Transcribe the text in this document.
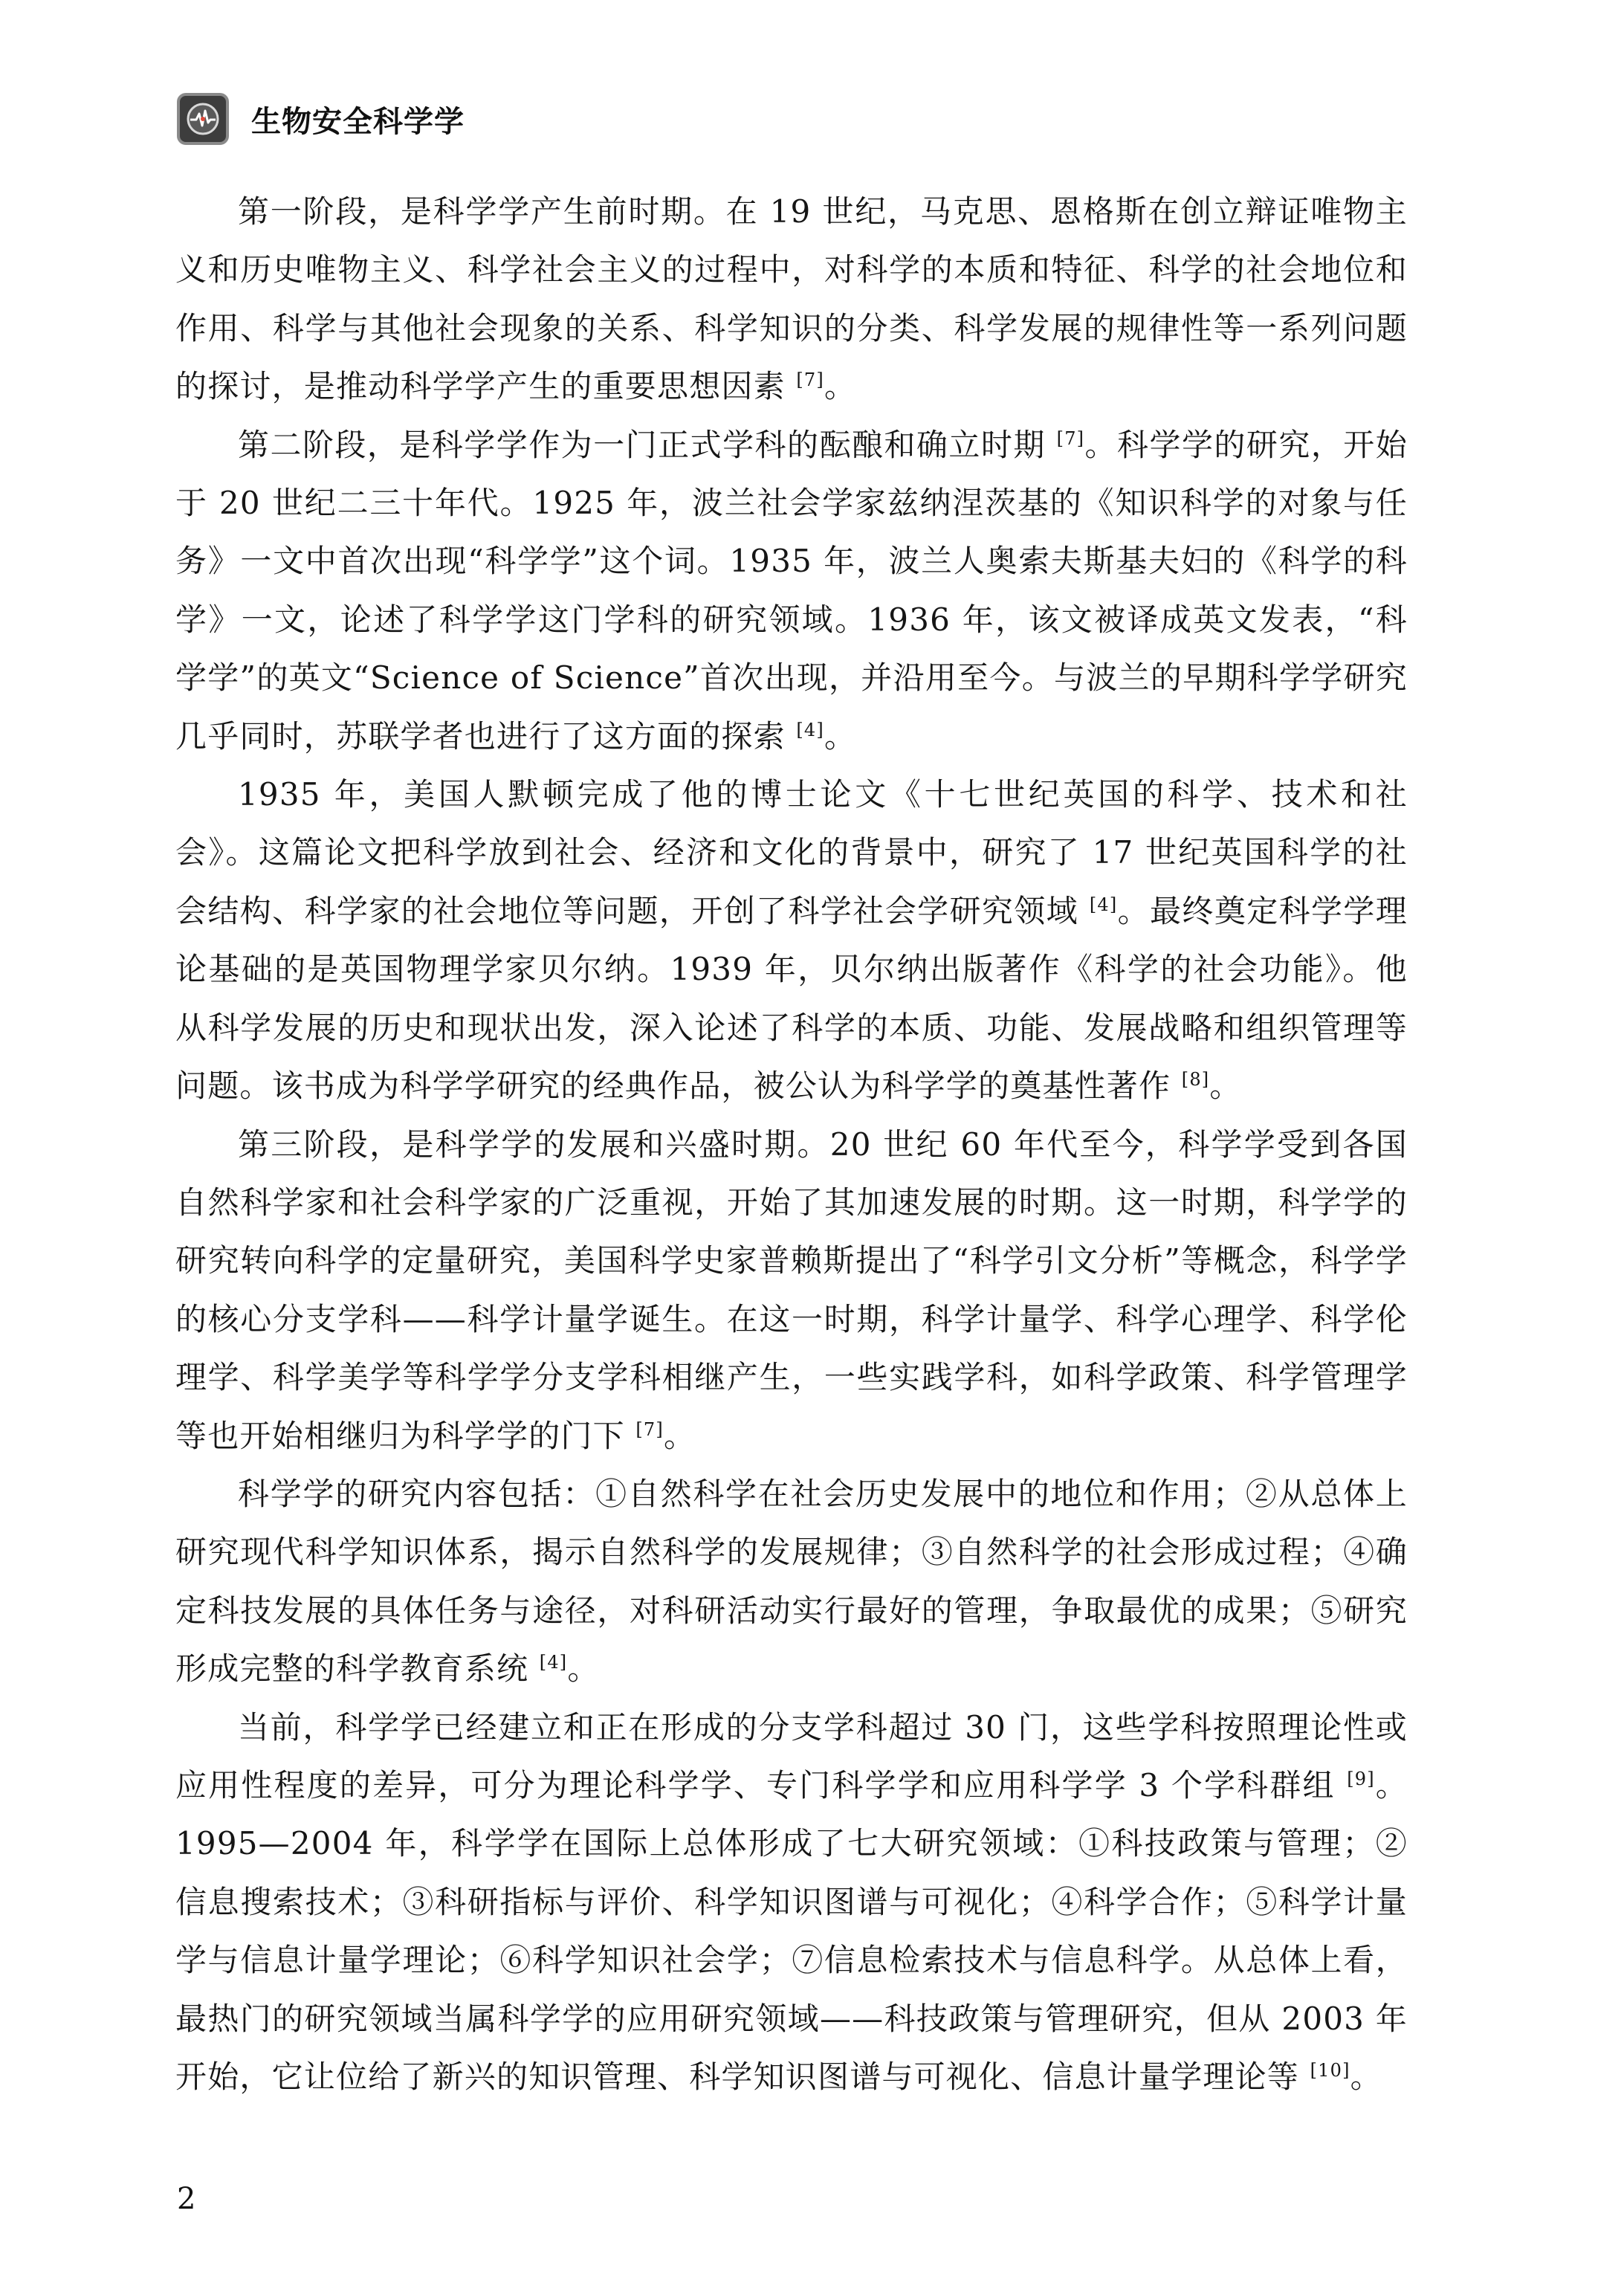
生物安全科学学

第一阶段，是科学学产生前时期。在 19 世纪，马克思、恩格斯在创立辩证唯物主义和历史唯物主义、科学社会主义的过程中，对科学的本质和特征、科学的社会地位和作用、科学与其他社会现象的关系、科学知识的分类、科学发展的规律性等一系列问题的探讨，是推动科学学产生的重要思想因素 [7]。

第二阶段，是科学学作为一门正式学科的酝酿和确立时期 [7]。科学学的研究，开始于 20 世纪二三十年代。1925 年，波兰社会学家兹纳涅茨基的《知识科学的对象与任务》一文中首次出现“科学学”这个词。1935 年，波兰人奥索夫斯基夫妇的《科学的科学》一文，论述了科学学这门学科的研究领域。1936 年，该文被译成英文发表，“科学学”的英文“Science of Science”首次出现，并沿用至今。与波兰的早期科学学研究几乎同时，苏联学者也进行了这方面的探索 [4]。

1935 年，美国人默顿完成了他的博士论文《十七世纪英国的科学、技术和社会》。这篇论文把科学放到社会、经济和文化的背景中，研究了 17 世纪英国科学的社会结构、科学家的社会地位等问题，开创了科学社会学研究领域 [4]。最终奠定科学学理论基础的是英国物理学家贝尔纳。1939 年，贝尔纳出版著作《科学的社会功能》。他从科学发展的历史和现状出发，深入论述了科学的本质、功能、发展战略和组织管理等问题。该书成为科学学研究的经典作品，被公认为科学学的奠基性著作 [8]。

第三阶段，是科学学的发展和兴盛时期。20 世纪 60 年代至今，科学学受到各国自然科学家和社会科学家的广泛重视，开始了其加速发展的时期。这一时期，科学学的研究转向科学的定量研究，美国科学史家普赖斯提出了“科学引文分析”等概念，科学学的核心分支学科——科学计量学诞生。在这一时期，科学计量学、科学心理学、科学伦理学、科学美学等科学学分支学科相继产生，一些实践学科，如科学政策、科学管理学等也开始相继归为科学学的门下 [7]。

科学学的研究内容包括：①自然科学在社会历史发展中的地位和作用；②从总体上研究现代科学知识体系，揭示自然科学的发展规律；③自然科学的社会形成过程；④确定科技发展的具体任务与途径，对科研活动实行最好的管理，争取最优的成果；⑤研究形成完整的科学教育系统 [4]。

当前，科学学已经建立和正在形成的分支学科超过 30 门，这些学科按照理论性或应用性程度的差异，可分为理论科学学、专门科学学和应用科学学 3 个学科群组 [9]。1995—2004 年，科学学在国际上总体形成了七大研究领域：①科技政策与管理；②信息搜索技术；③科研指标与评价、科学知识图谱与可视化；④科学合作；⑤科学计量学与信息计量学理论；⑥科学知识社会学；⑦信息检索技术与信息科学。从总体上看，最热门的研究领域当属科学学的应用研究领域——科技政策与管理研究，但从 2003 年开始，它让位给了新兴的知识管理、科学知识图谱与可视化、信息计量学理论等 [10]。

2
